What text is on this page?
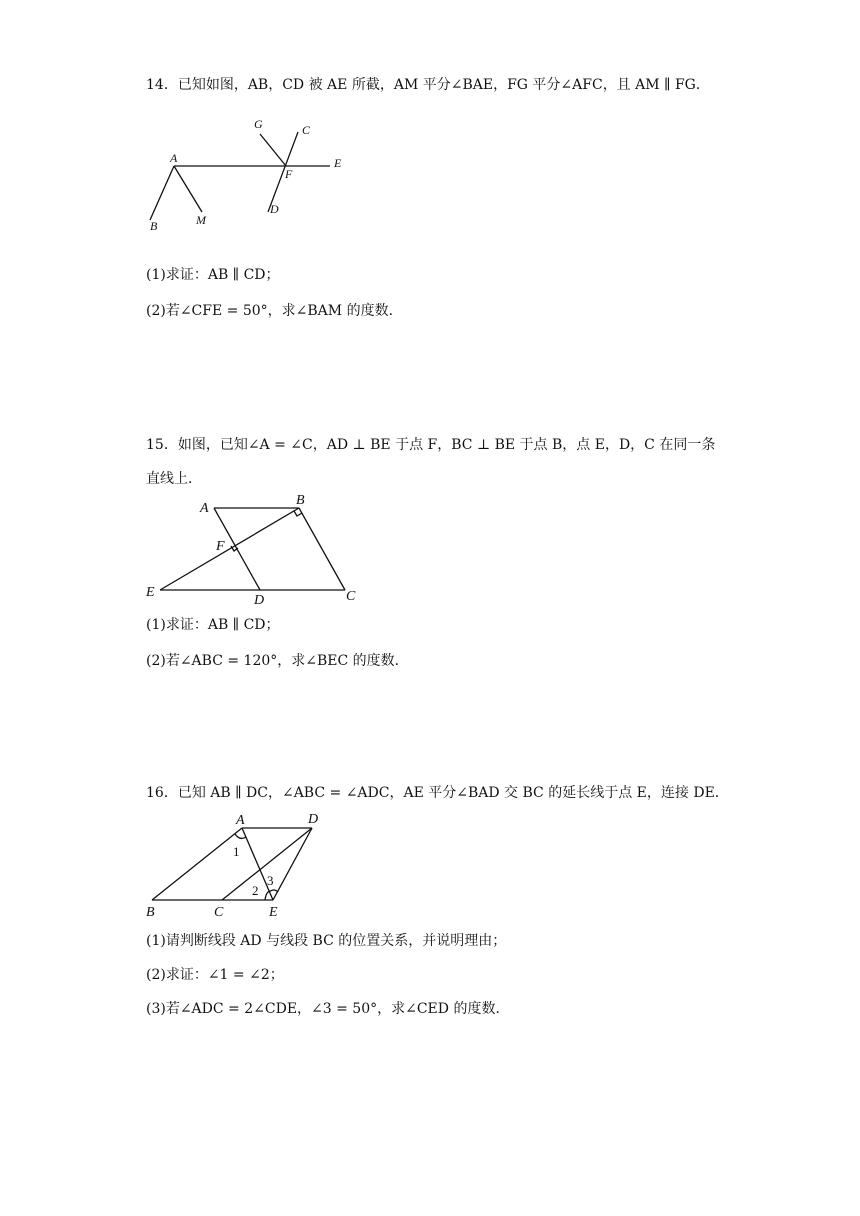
14．已知如图，AB，CD 被 AE 所截，AM 平分∠BAE，FG 平分∠AFC，且 AM ∥ FG．
A
B	M
G	C
F
E
D
(1)求证：AB ∥ CD；
(2)若∠CFE = 50°，求∠BAM 的度数．
15．如图，已知∠A = ∠C，AD ⊥ BE 于点 F，BC ⊥ BE 于点 B，点 E，D，C 在同一条
直线上．
A
B
F
E
D	C
(1)求证：AB ∥ CD；
(2)若∠ABC = 120°，求∠BEC 的度数．
16．已知 AB ∥ DC，∠ABC = ∠ADC，AE 平分∠BAD 交 BC 的延长线于点 E，连接 DE．
A	D
B	C	E
1
2
3
(1)请判断线段 AD 与线段 BC 的位置关系，并说明理由；
(2)求证：∠1 = ∠2；
(3)若∠ADC = 2∠CDE，∠3 = 50°，求∠CED 的度数．
